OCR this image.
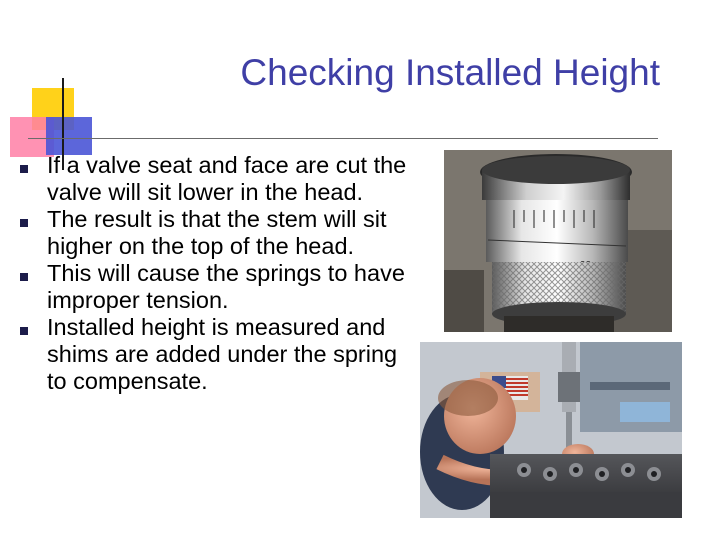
Checking Installed Height
If a valve seat and face are cut the valve will sit lower in the head.
The result is that the stem will sit higher on the top of the head.
This will cause the springs to have improper tension.
Installed height is measured and shims are added under the spring to compensate.
